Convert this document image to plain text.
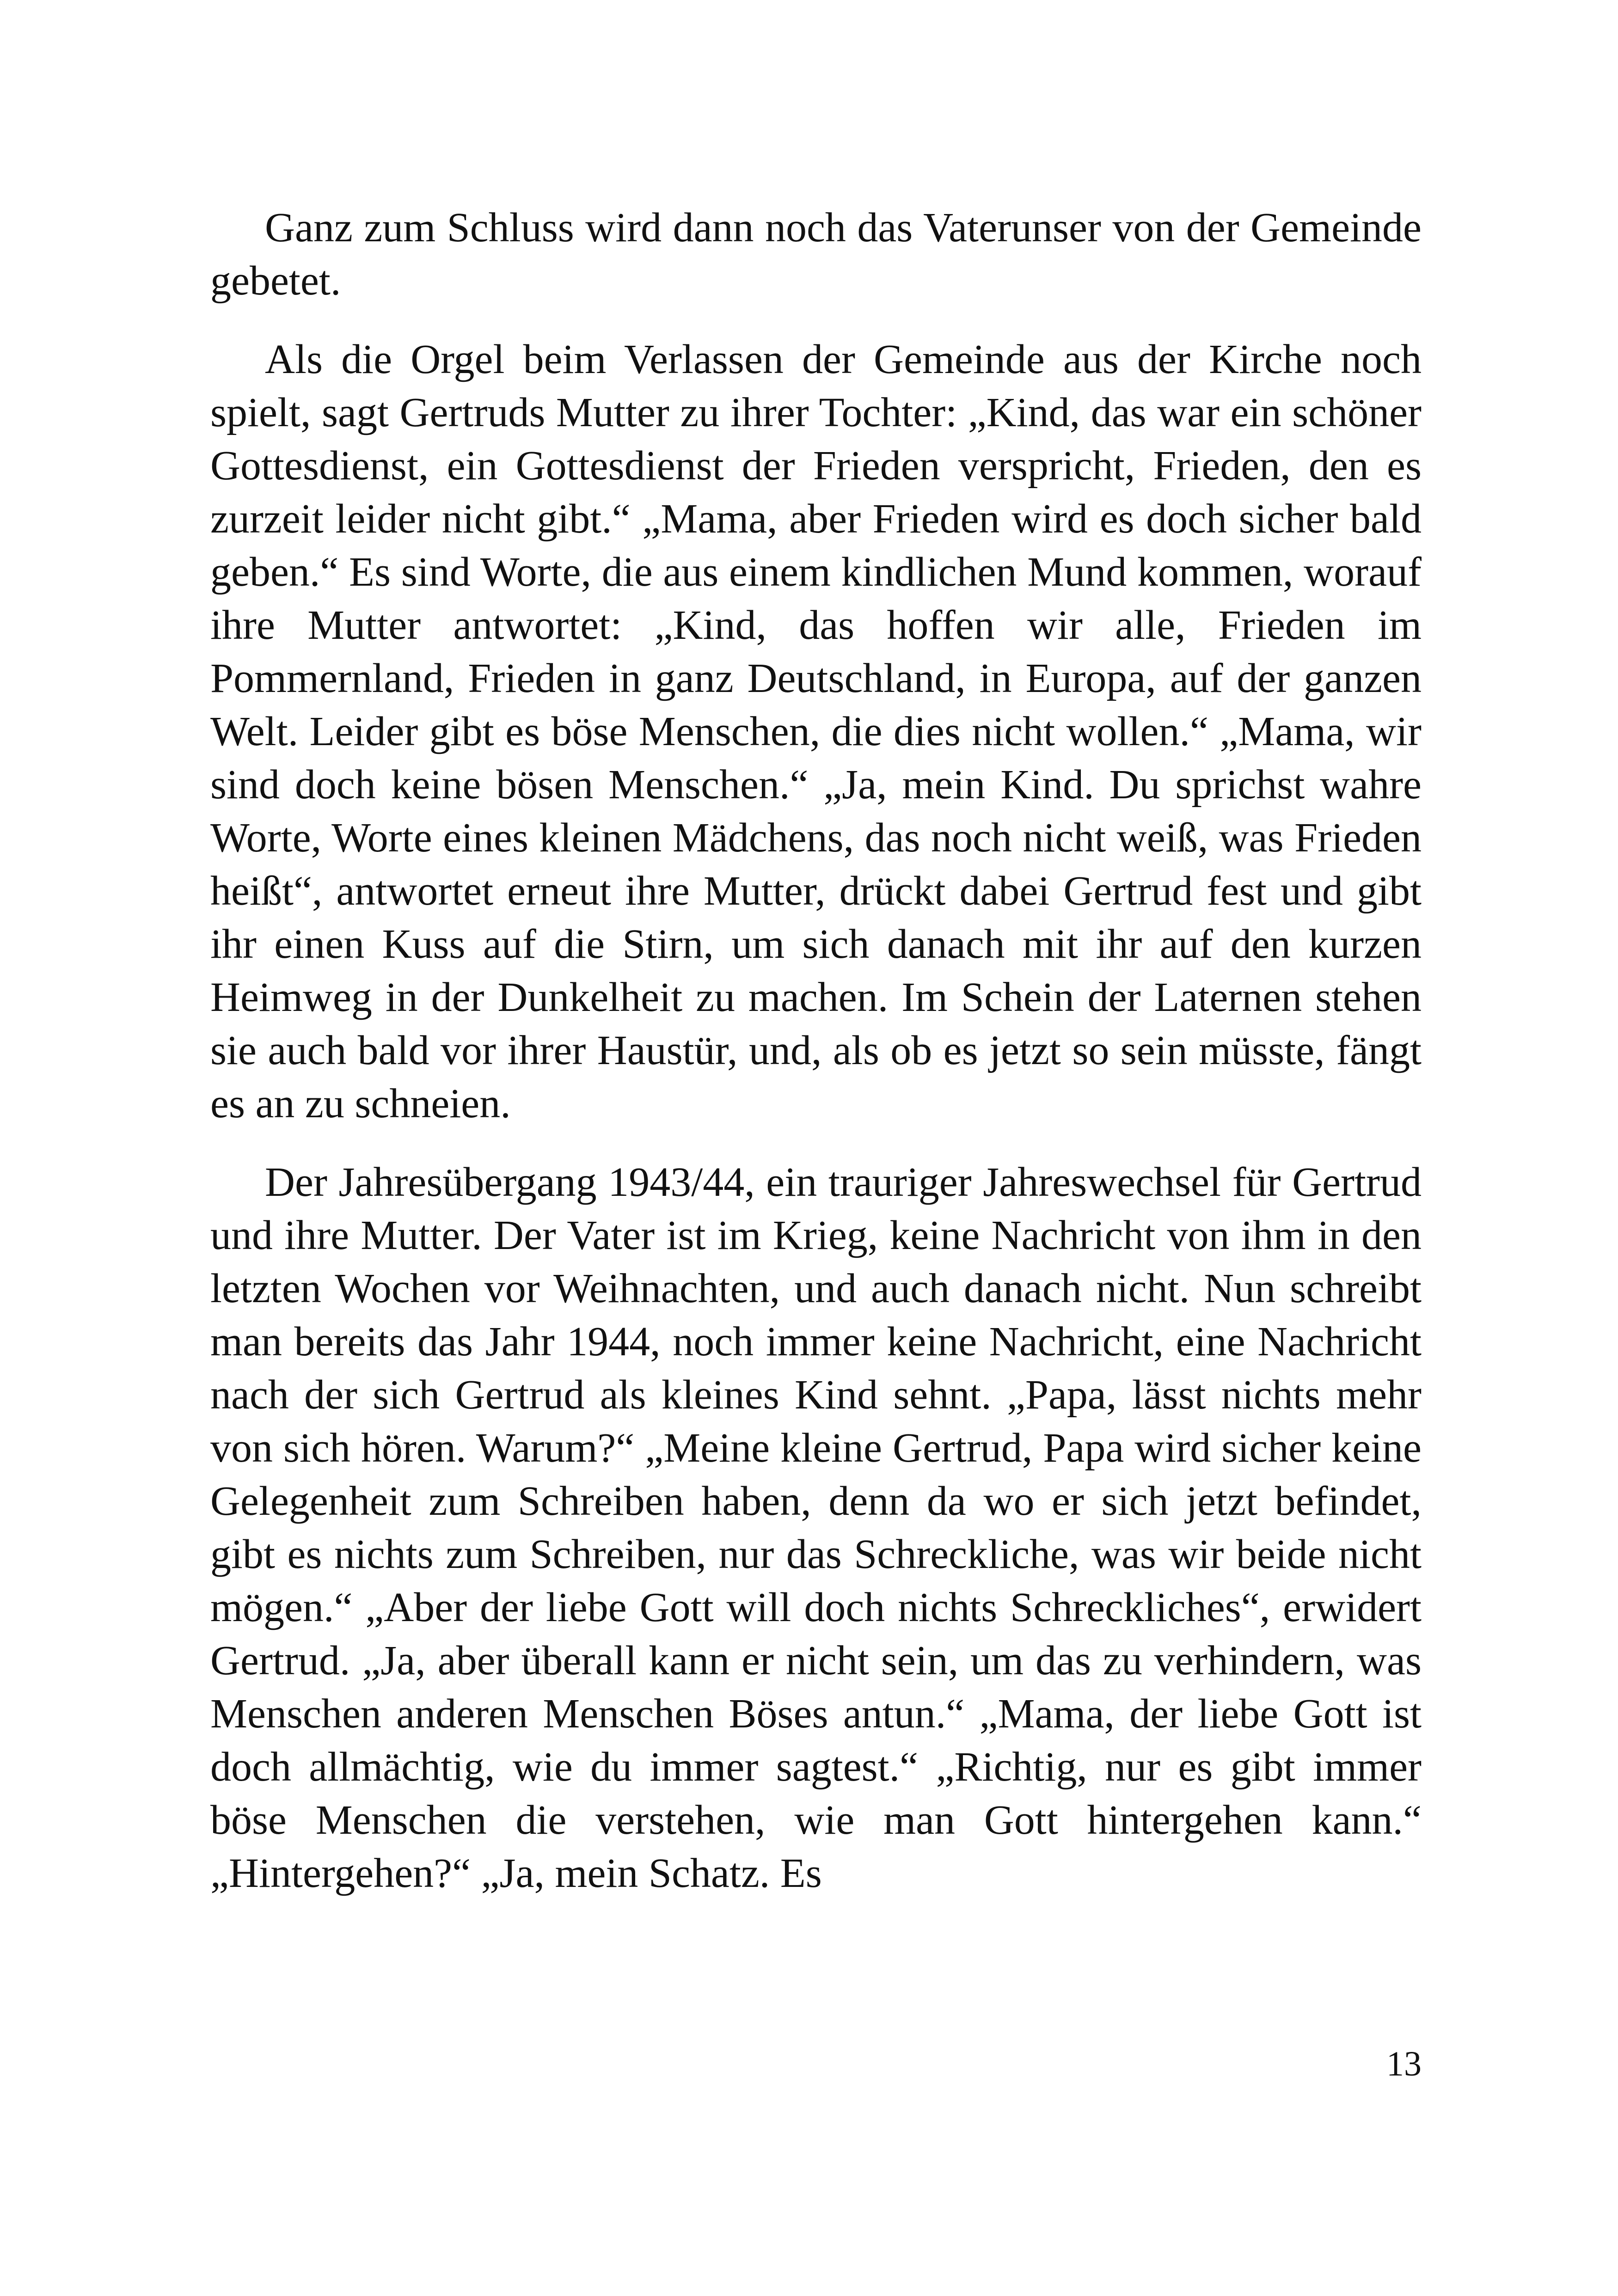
Ganz zum Schluss wird dann noch das Vaterunser von der Gemeinde gebetet.

Als die Orgel beim Verlassen der Gemeinde aus der Kirche noch spielt, sagt Gertruds Mutter zu ihrer Tochter: „Kind, das war ein schöner Gottesdienst, ein Gottesdienst der Frieden verspricht, Frieden, den es zurzeit leider nicht gibt.“ „Mama, aber Frieden wird es doch sicher bald geben.“ Es sind Worte, die aus einem kindlichen Mund kommen, worauf ihre Mutter antwortet: „Kind, das hoffen wir alle, Frieden im Pommernland, Frieden in ganz Deutschland, in Europa, auf der ganzen Welt. Leider gibt es böse Menschen, die dies nicht wollen.“ „Mama, wir sind doch keine bösen Menschen.“ „Ja, mein Kind. Du sprichst wahre Worte, Worte eines kleinen Mädchens, das noch nicht weiß, was Frieden heißt“, antwortet erneut ihre Mutter, drückt dabei Gertrud fest und gibt ihr einen Kuss auf die Stirn, um sich danach mit ihr auf den kurzen Heimweg in der Dunkelheit zu machen. Im Schein der Laternen stehen sie auch bald vor ihrer Haustür, und, als ob es jetzt so sein müsste, fängt es an zu schneien.

Der Jahresübergang 1943/44, ein trauriger Jahreswechsel für Gertrud und ihre Mutter. Der Vater ist im Krieg, keine Nachricht von ihm in den letzten Wochen vor Weihnachten, und auch danach nicht. Nun schreibt man bereits das Jahr 1944, noch immer keine Nachricht, eine Nachricht nach der sich Gertrud als kleines Kind sehnt. „Papa, lässt nichts mehr von sich hören. Warum?“ „Meine kleine Gertrud, Papa wird sicher keine Gelegenheit zum Schreiben haben, denn da wo er sich jetzt befindet, gibt es nichts zum Schreiben, nur das Schreckliche, was wir beide nicht mögen.“ „Aber der liebe Gott will doch nichts Schreckliches“, erwidert Gertrud. „Ja, aber überall kann er nicht sein, um das zu verhindern, was Menschen anderen Menschen Böses antun.“ „Mama, der liebe Gott ist doch allmächtig, wie du immer sagtest.“ „Richtig, nur es gibt immer böse Menschen die verstehen, wie man Gott hintergehen kann.“ „Hintergehen?“ „Ja, mein Schatz. Es

13
